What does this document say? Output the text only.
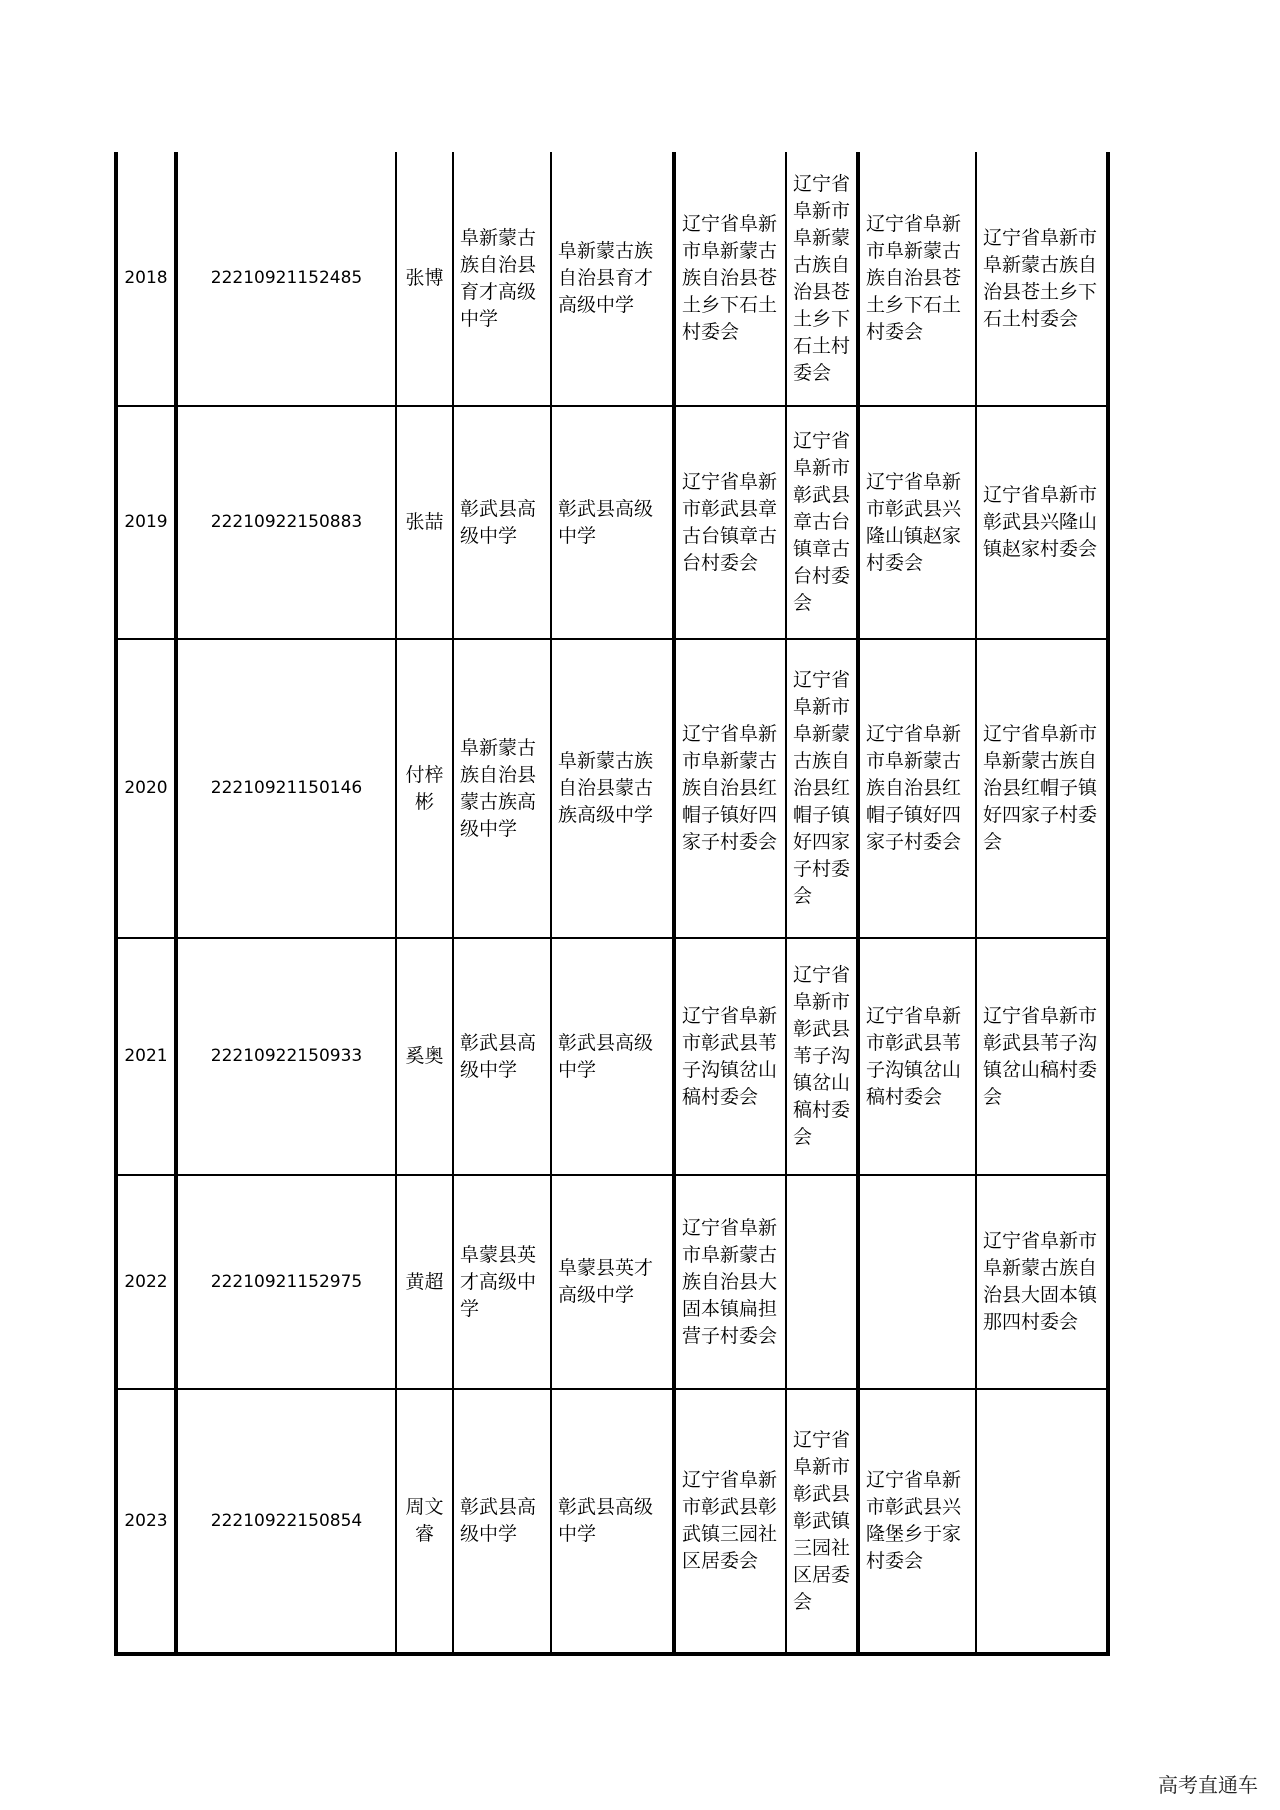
2018	22210921152485	张博	阜新蒙古族自治县育才高级中学	阜新蒙古族自治县育才高级中学	辽宁省阜新市阜新蒙古族自治县苍土乡下石土村委会	辽宁省阜新市阜新蒙古族自治县苍土乡下石土村委会	辽宁省阜新市阜新蒙古族自治县苍土乡下石土村委会	辽宁省阜新市阜新蒙古族自治县苍土乡下石土村委会
2019	22210922150883	张喆	彰武县高级中学	彰武县高级中学	辽宁省阜新市彰武县章古台镇章古台村委会	辽宁省阜新市彰武县章古台镇章古台村委会	辽宁省阜新市彰武县兴隆山镇赵家村委会	辽宁省阜新市彰武县兴隆山镇赵家村委会
2020	22210921150146	付梓彬	阜新蒙古族自治县蒙古族高级中学	阜新蒙古族自治县蒙古族高级中学	辽宁省阜新市阜新蒙古族自治县红帽子镇好四家子村委会	辽宁省阜新市阜新蒙古族自治县红帽子镇好四家子村委会	辽宁省阜新市阜新蒙古族自治县红帽子镇好四家子村委会	辽宁省阜新市阜新蒙古族自治县红帽子镇好四家子村委会
2021	22210922150933	奚奥	彰武县高级中学	彰武县高级中学	辽宁省阜新市彰武县苇子沟镇岔山稿村委会	辽宁省阜新市彰武县苇子沟镇岔山稿村委会	辽宁省阜新市彰武县苇子沟镇岔山稿村委会	辽宁省阜新市彰武县苇子沟镇岔山稿村委会
2022	22210921152975	黄超	阜蒙县英才高级中学	阜蒙县英才高级中学	辽宁省阜新市阜新蒙古族自治县大固本镇扁担营子村委会			辽宁省阜新市阜新蒙古族自治县大固本镇那四村委会
2023	22210922150854	周文睿	彰武县高级中学	彰武县高级中学	辽宁省阜新市彰武县彰武镇三园社区居委会	辽宁省阜新市彰武县彰武镇三园社区居委会	辽宁省阜新市彰武县兴隆堡乡于家村委会	
高考直通车
